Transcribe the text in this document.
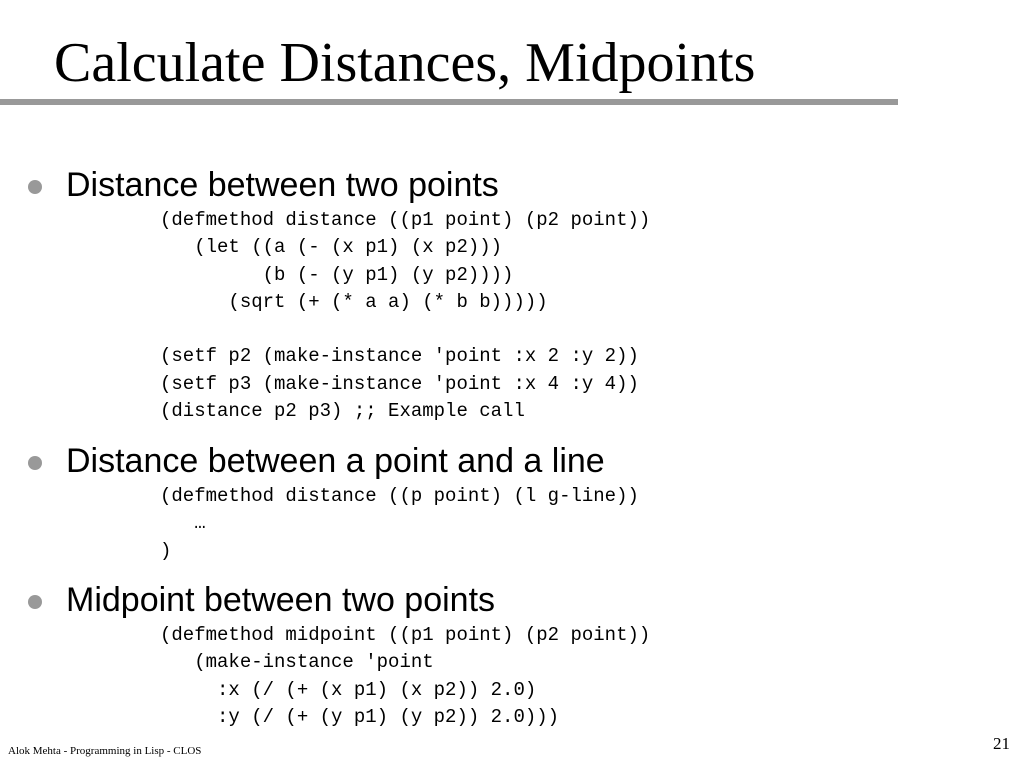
Calculate Distances, Midpoints
Distance between two points
(defmethod distance ((p1 point) (p2 point))
(let ((a (- (x p1) (x p2)))
(b (- (y p1) (y p2))))
(sqrt (+ (* a a) (* b b)))))

(setf p2 (make-instance 'point :x 2 :y 2))
(setf p3 (make-instance 'point :x 4 :y 4))
(distance p2 p3) ;; Example call
Distance between a point and a line
(defmethod distance ((p point) (l g-line))
…
)
Midpoint between two points
(defmethod midpoint ((p1 point) (p2 point))
(make-instance 'point
:x (/ (+ (x p1) (x p2)) 2.0)
:y (/ (+ (y p1) (y p2)) 2.0)))
Alok Mehta - Programming in Lisp - CLOS	21
